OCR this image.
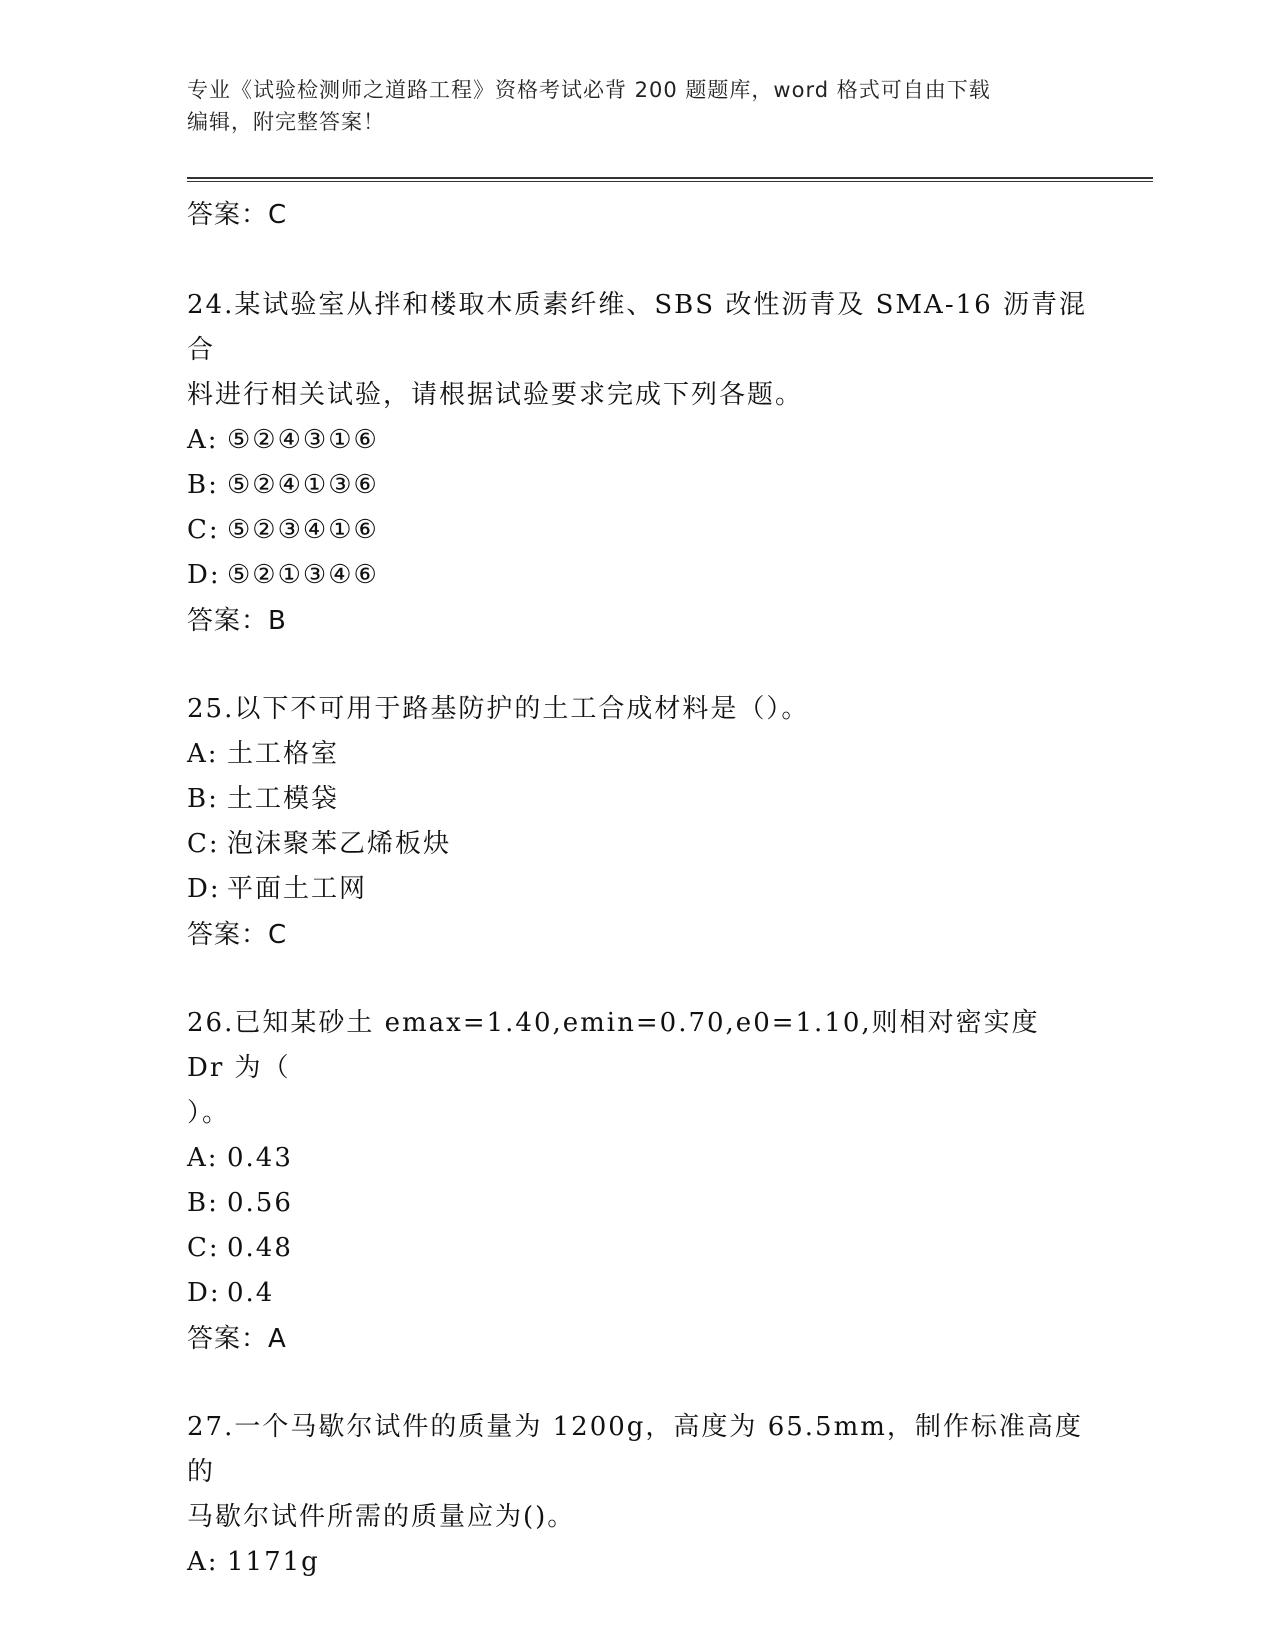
专业《试验检测师之道路工程》资格考试必背 200 题题库，word 格式可自由下载
编辑，附完整答案！
答案：C
24.某试验室从拌和楼取木质素纤维、SBS 改性沥青及 SMA-16 沥青混合
料进行相关试验，请根据试验要求完成下列各题。
A: ⑤②④③①⑥
B: ⑤②④①③⑥
C: ⑤②③④①⑥
D: ⑤②①③④⑥
答案：B
25.以下不可用于路基防护的土工合成材料是（）。
A: 土工格室
B: 土工模袋
C: 泡沫聚苯乙烯板炔
D: 平面土工网
答案：C
26.已知某砂土 emax=1.40,emin=0.70,e0=1.10,则相对密实度 Dr 为（
）。
A: 0.43
B: 0.56
C: 0.48
D: 0.4
答案：A
27.一个马歇尔试件的质量为 1200g，高度为 65.5mm，制作标准高度的
马歇尔试件所需的质量应为()。
A: 1171g
